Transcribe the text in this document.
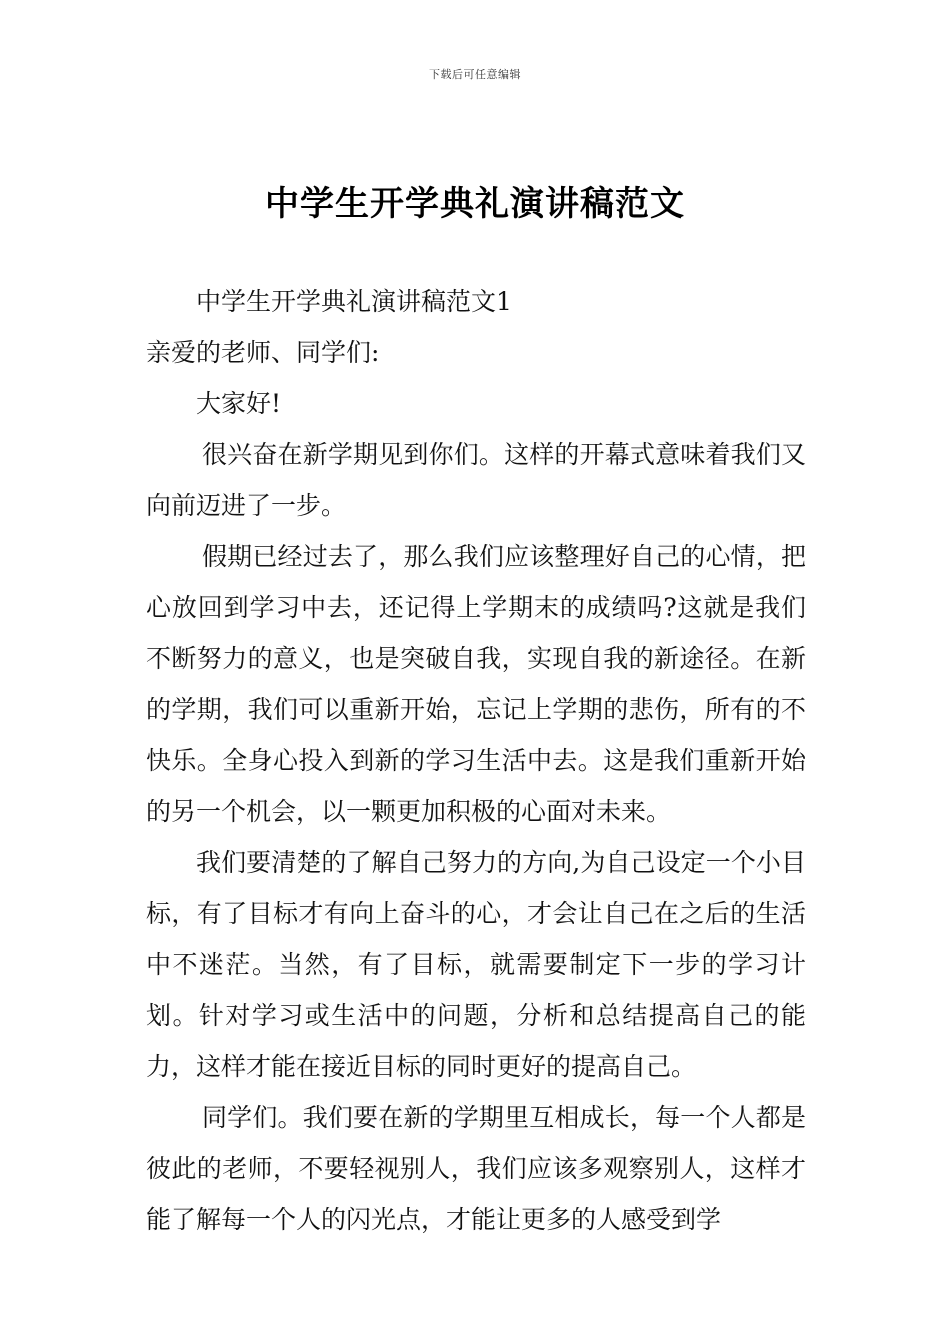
下载后可任意编辑
中学生开学典礼演讲稿范文

中学生开学典礼演讲稿范文1

亲爱的老师、同学们:

大家好!

很兴奋在新学期见到你们。这样的开幕式意味着我们又向前迈进了一步。

假期已经过去了，那么我们应该整理好自己的心情，把心放回到学习中去，还记得上学期末的成绩吗?这就是我们不断努力的意义，也是突破自我，实现自我的新途径。在新的学期，我们可以重新开始，忘记上学期的悲伤，所有的不快乐。全身心投入到新的学习生活中去。这是我们重新开始的另一个机会，以一颗更加积极的心面对未来。

我们要清楚的了解自己努力的方向,为自己设定一个小目标，有了目标才有向上奋斗的心，才会让自己在之后的生活中不迷茫。当然，有了目标，就需要制定下一步的学习计划。针对学习或生活中的问题，分析和总结提高自己的能力，这样才能在接近目标的同时更好的提高自己。

同学们。我们要在新的学期里互相成长，每一个人都是彼此的老师，不要轻视别人，我们应该多观察别人，这样才能了解每一个人的闪光点，才能让更多的人感受到学
